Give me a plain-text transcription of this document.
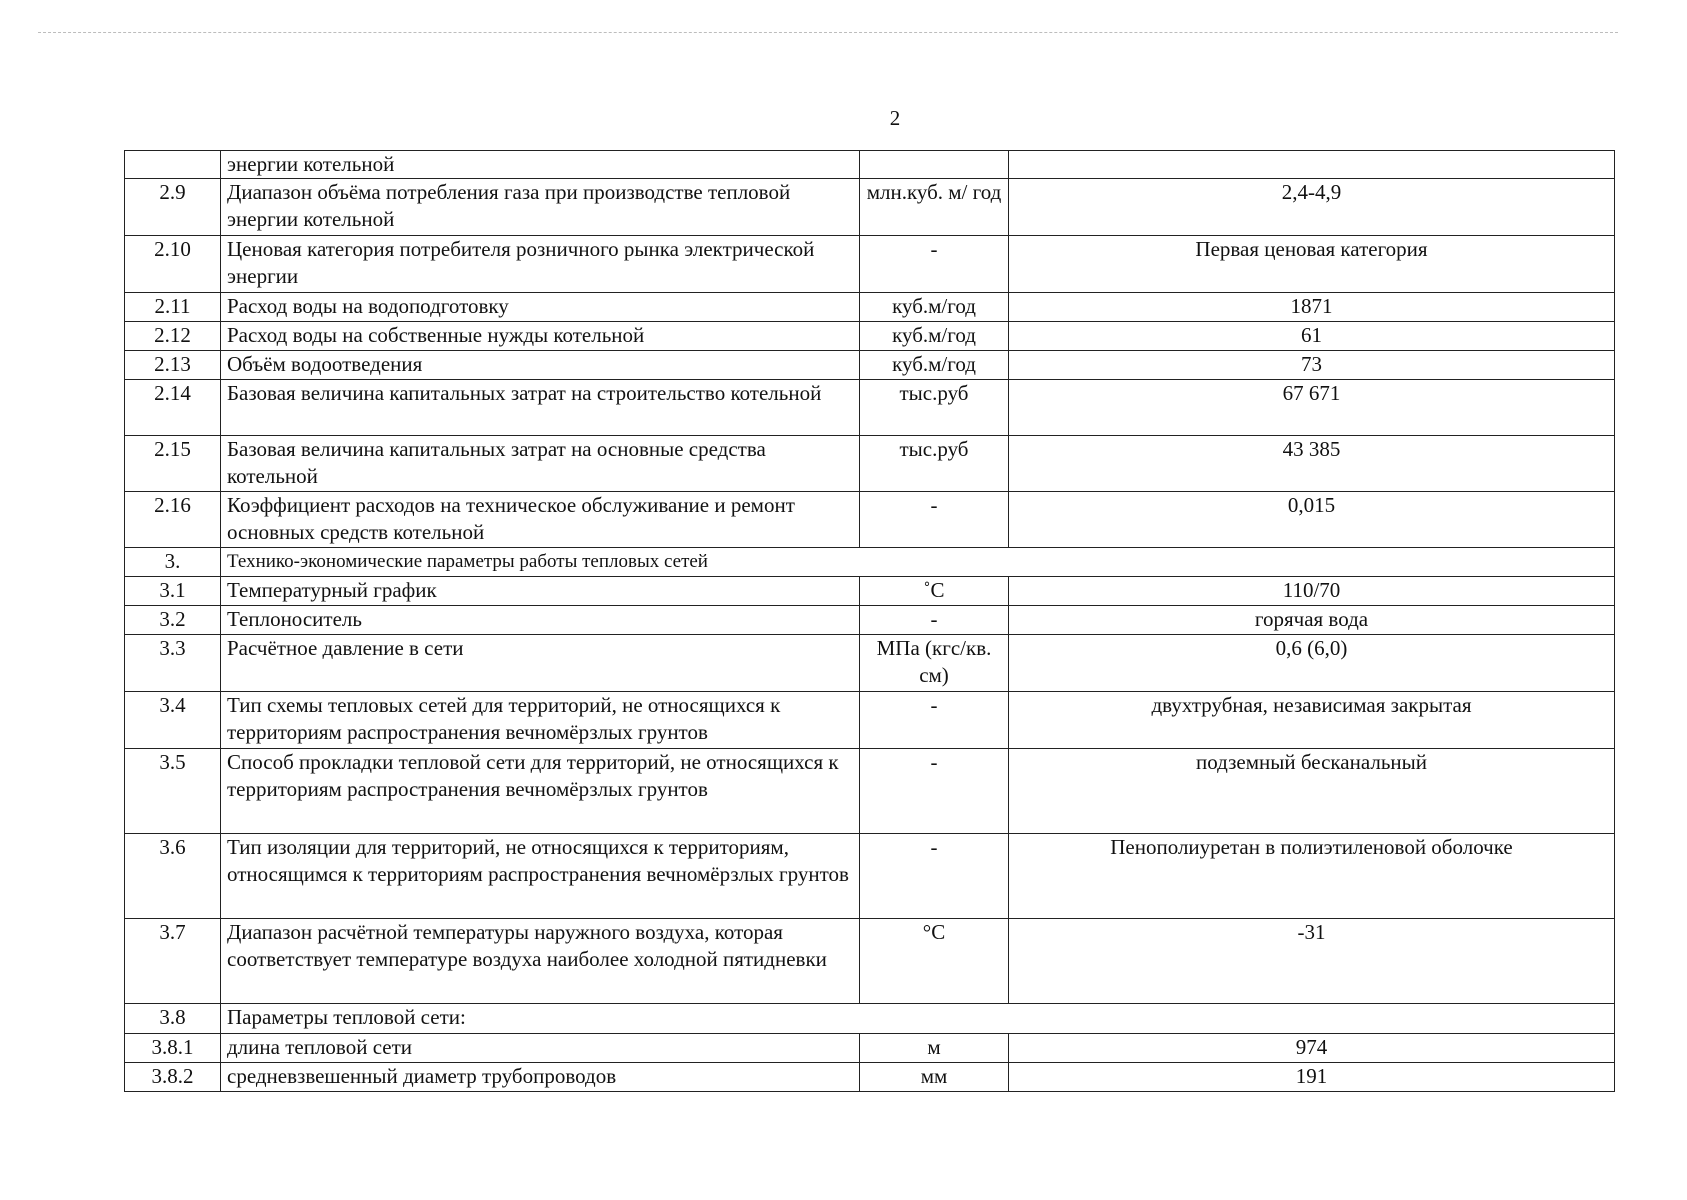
2
	энергии котельной		
2.9	Диапазон объёма потребления газа при производстве тепловой энергии котельной	млн.куб. м/ год	2,4-4,9
2.10	Ценовая категория потребителя розничного рынка электрической энергии	-	Первая ценовая категория
2.11	Расход воды на водоподготовку	куб.м/год	1871
2.12	Расход воды на собственные нужды котельной	куб.м/год	61
2.13	Объём водоотведения	куб.м/год	73
2.14	Базовая величина капитальных затрат на строительство котельной	тыс.руб	67 671
2.15	Базовая величина капитальных затрат на основные средства котельной	тыс.руб	43 385
2.16	Коэффициент расходов на техническое обслуживание и ремонт основных средств котельной	-	0,015
3.	Технико-экономические параметры работы тепловых сетей		
3.1	Температурный график	˚С	110/70
3.2	Теплоноситель	-	горячая вода
3.3	Расчётное давление в сети	МПа (кгс/кв. см)	0,6 (6,0)
3.4	Тип схемы тепловых сетей для территорий, не относящихся к территориям распространения вечномёрзлых грунтов	-	двухтрубная, независимая закрытая
3.5	Способ прокладки тепловой сети для территорий, не относящихся к территориям распространения вечномёрзлых грунтов	-	подземный бесканальный
3.6	Тип изоляции для территорий, не относящихся к территориям, относящимся к территориям распространения вечномёрзлых грунтов	-	Пенополиуретан в полиэтиленовой оболочке
3.7	Диапазон расчётной температуры наружного воздуха, которая соответствует температуре воздуха наиболее холодной пятидневки	°С	-31
3.8	Параметры тепловой сети:		
3.8.1	длина тепловой сети	м	974
3.8.2	средневзвешенный диаметр трубопроводов	мм	191
